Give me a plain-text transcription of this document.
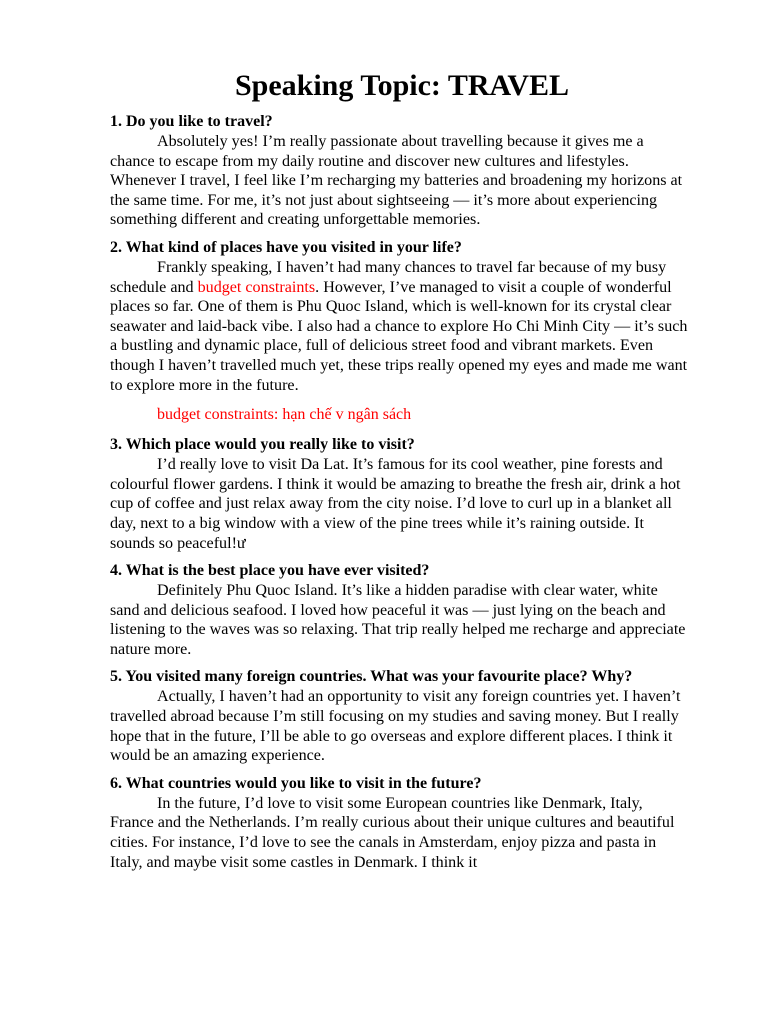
Speaking Topic: TRAVEL

1. Do you like to travel?

Absolutely yes! I’m really passionate about travelling because it gives me a chance to escape from my daily routine and discover new cultures and lifestyles. Whenever I travel, I feel like I’m recharging my batteries and broadening my horizons at the same time. For me, it’s not just about sightseeing — it’s more about experiencing something different and creating unforgettable memories.

2. What kind of places have you visited in your life?

Frankly speaking, I haven’t had many chances to travel far because of my busy schedule and budget constraints. However, I’ve managed to visit a couple of wonderful places so far. One of them is Phu Quoc Island, which is well-known for its crystal clear seawater and laid-back vibe. I also had a chance to explore Ho Chi Minh City — it’s such a bustling and dynamic place, full of delicious street food and vibrant markets. Even though I haven’t travelled much yet, these trips really opened my eyes and made me want to explore more in the future.

budget constraints: hạn chế v ngân sách

3. Which place would you really like to visit?

I’d really love to visit Da Lat. It’s famous for its cool weather, pine forests and colourful flower gardens. I think it would be amazing to breathe the fresh air, drink a hot cup of coffee and just relax away from the city noise. I’d love to curl up in a blanket all day, next to a big window with a view of the pine trees while it’s raining outside. It sounds so peaceful!ư

4. What is the best place you have ever visited?

Definitely Phu Quoc Island. It’s like a hidden paradise with clear water, white sand and delicious seafood. I loved how peaceful it was — just lying on the beach and listening to the waves was so relaxing. That trip really helped me recharge and appreciate nature more.

5. You visited many foreign countries. What was your favourite place? Why?

Actually, I haven’t had an opportunity to visit any foreign countries yet. I haven’t travelled abroad because I’m still focusing on my studies and saving money. But I really hope that in the future, I’ll be able to go overseas and explore different places. I think it would be an amazing experience.

6. What countries would you like to visit in the future?

In the future, I’d love to visit some European countries like Denmark, Italy, France and the Netherlands. I’m really curious about their unique cultures and beautiful cities. For instance, I’d love to see the canals in Amsterdam, enjoy pizza and pasta in Italy, and maybe visit some castles in Denmark. I think it
